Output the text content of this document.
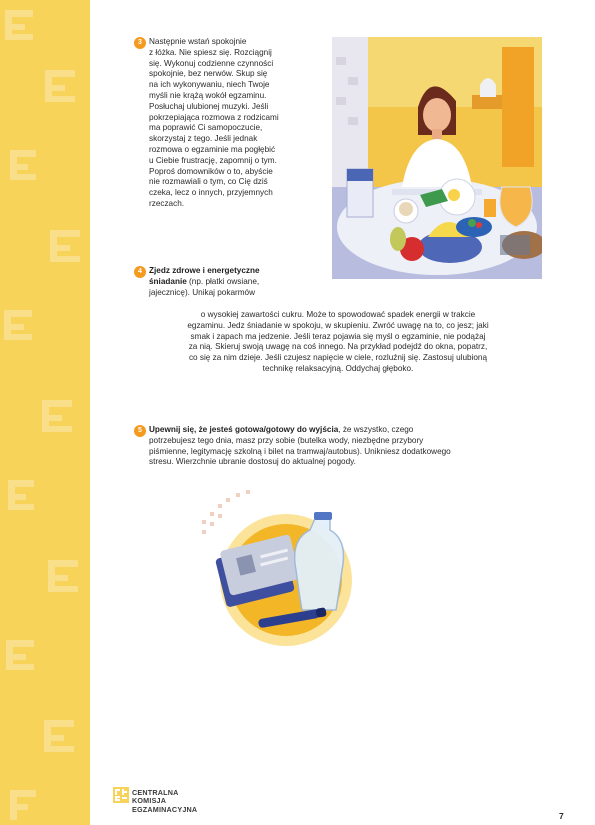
3 Następnie wstań spokojnie
z łóżka. Nie spiesz się. Rozciągnij
się. Wykonuj codzienne czynności
spokojnie, bez nerwów. Skup się
na ich wykonywaniu, niech Twoje
myśli nie krążą wokół egzaminu.
Posłuchaj ulubionej muzyki. Jeśli
pokrzepiająca rozmowa z rodzicami
ma poprawić Ci samopoczucie,
skorzystaj z tego. Jeśli jednak
rozmowa o egzaminie ma pogłębić
u Ciebie frustrację, zapomnij o tym.
Poproś domowników o to, abyście
nie rozmawiali o tym, co Cię dziś
czeka, lecz o innych, przyjemnych
rzeczach.
4 Zjedz zdrowe i energetyczne
śniadanie (np. płatki owsiane,
jajecznicę). Unikaj pokarmów
o wysokiej zawartości cukru. Może to spowodować spadek energii w trakcie
egzaminu. Jedz śniadanie w spokoju, w skupieniu. Zwróć uwagę na to, co jesz; jaki
smak i zapach ma jedzenie. Jeśli teraz pojawia się myśl o egzaminie, nie podążaj
za nią. Skieruj swoją uwagę na coś innego. Na przykład podejdź do okna, popatrz,
co się za nim dzieje. Jeśli czujesz napięcie w ciele, rozluźnij się. Zastosuj ulubioną
technikę relaksacyjną. Oddychaj głęboko.
5 Upewnij się, że jesteś gotowa/gotowy do wyjścia, że wszystko, czego
potrzebujesz tego dnia, masz przy sobie (butelka wody, niezbędne przybory
piśmienne, legitymację szkolną i bilet na tramwaj/autobus). Unikniesz dodatkowego
stresu. Wierzchnie ubranie dostosuj do aktualnej pogody.
CENTRALNA
KOMISJA
EGZAMINACYJNA
7
